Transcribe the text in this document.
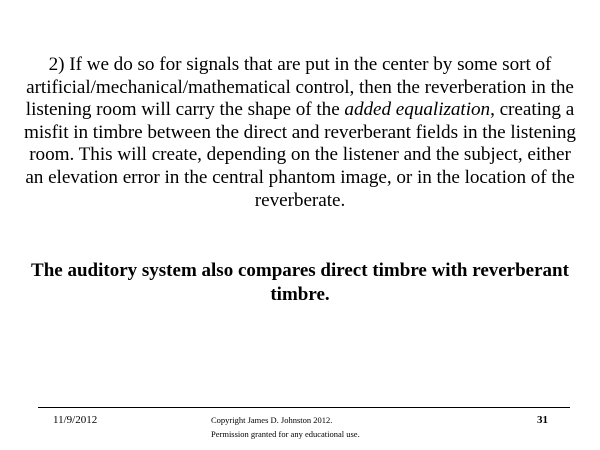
2) If we do so for signals that are put in the center by some sort of artificial/mechanical/mathematical control, then the reverberation in the listening room will carry the shape of the added equalization, creating a misfit in timbre between the direct and reverberant fields in the listening room. This will create, depending on the listener and the subject, either an elevation error in the central phantom image, or in the location of the reverberate.
The auditory system also compares direct timbre with reverberant timbre.
11/9/2012	Copyright James D. Johnston 2012.
Permission granted for any educational use.
31
